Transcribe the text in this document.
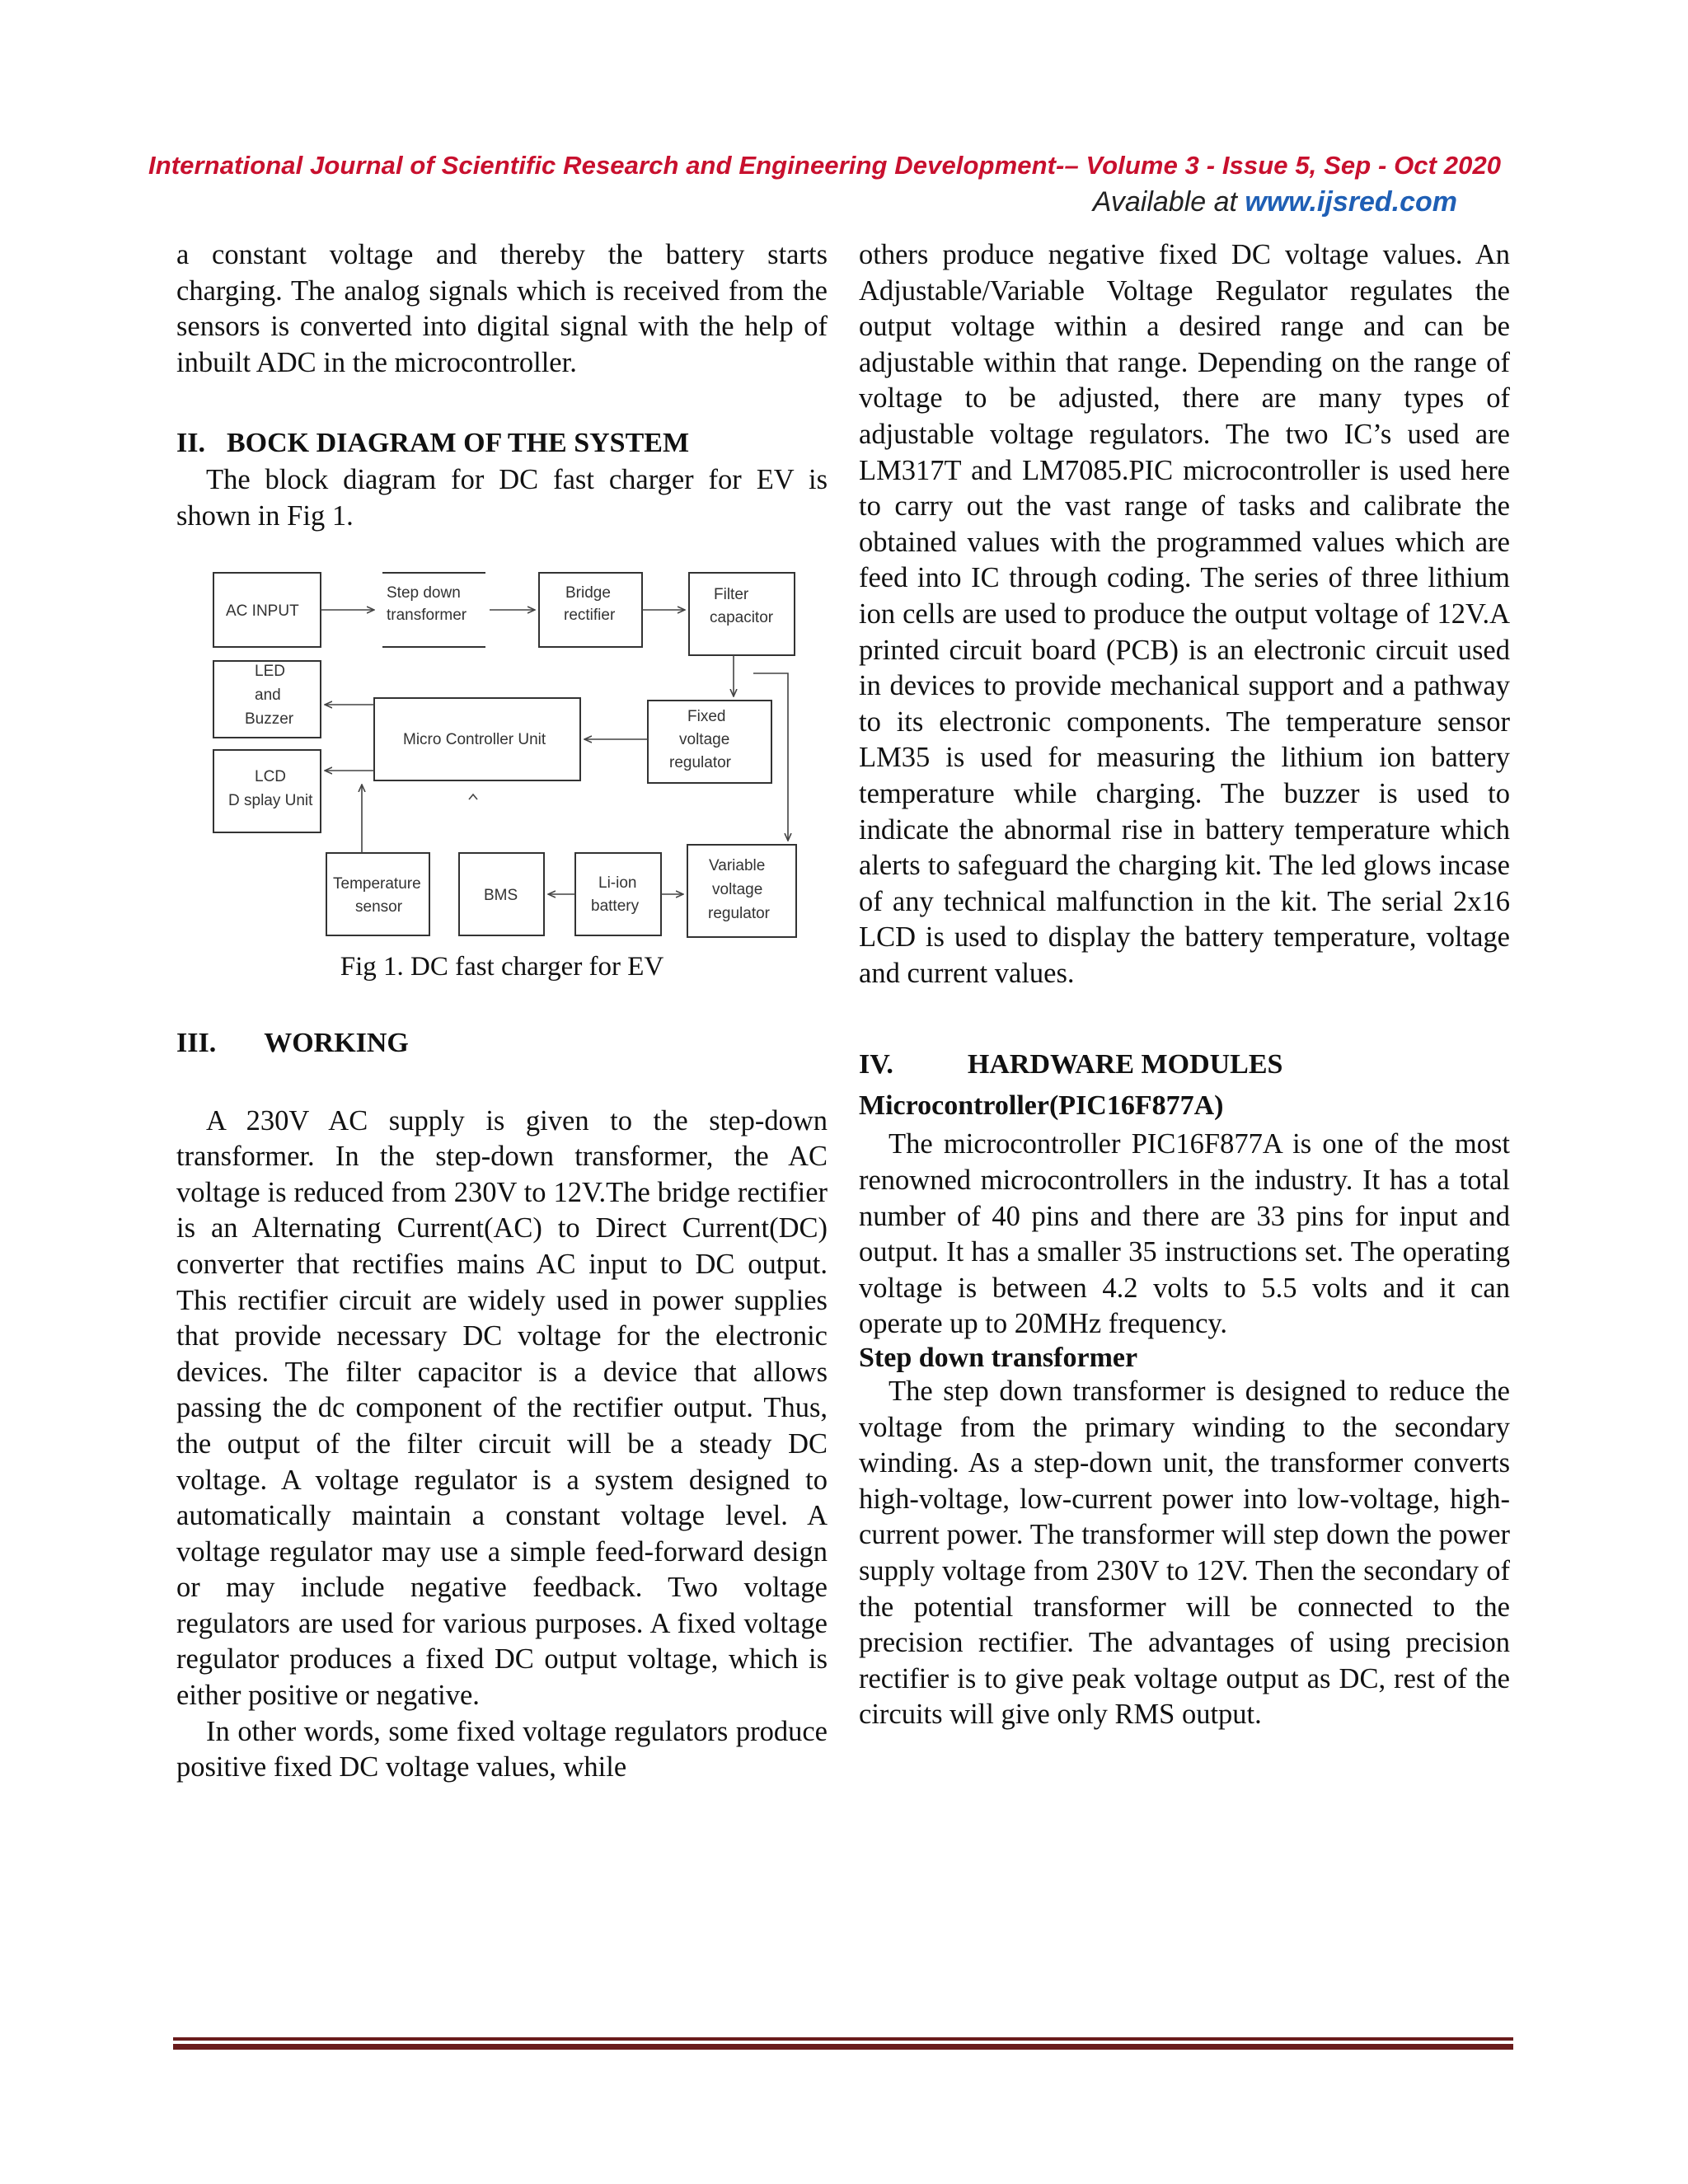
International Journal of Scientific Research and Engineering Development-– Volume 3 - Issue 5, Sep - Oct 2020
Available at www.ijsred.com

a constant voltage and thereby the battery starts charging. The analog signals which is received from the sensors is converted into digital signal with the help of inbuilt ADC in the microcontroller.

II. BOCK DIAGRAM OF THE SYSTEM

The block diagram for DC fast charger for EV is shown in Fig 1.

AC INPUT
Step down
transformer
Bridge
rectifier
Filter
capacitor
LED
and
Buzzer
Micro Controller Unit
Fixed
voltage
regulator
LCD
D splay Unit
Temperature
sensor
BMS
Li-ion
battery
Variable
voltage
regulator

Fig 1. DC fast charger for EV

III. WORKING

A 230V AC supply is given to the step-down transformer. In the step-down transformer, the AC voltage is reduced from 230V to 12V.The bridge rectifier is an Alternating Current(AC) to Direct Current(DC) converter that rectifies mains AC input to DC output. This rectifier circuit are widely used in power supplies that provide necessary DC voltage for the electronic devices. The filter capacitor is a device that allows passing the dc component of the rectifier output. Thus, the output of the filter circuit will be a steady DC voltage. A voltage regulator is a system designed to automatically maintain a constant voltage level. A voltage regulator may use a simple feed-forward design or may include negative feedback. Two voltage regulators are used for various purposes. A fixed voltage regulator produces a fixed DC output voltage, which is either positive or negative.

In other words, some fixed voltage regulators produce positive fixed DC voltage values, while

others produce negative fixed DC voltage values. An Adjustable/Variable Voltage Regulator regulates the output voltage within a desired range and can be adjustable within that range. Depending on the range of voltage to be adjusted, there are many types of adjustable voltage regulators. The two IC’s used are LM317T and LM7085.PIC microcontroller is used here to carry out the vast range of tasks and calibrate the obtained values with the programmed values which are feed into IC through coding. The series of three lithium ion cells are used to produce the output voltage of 12V.A printed circuit board (PCB) is an electronic circuit used in devices to provide mechanical support and a pathway to its electronic components. The temperature sensor LM35 is used for measuring the lithium ion battery temperature while charging. The buzzer is used to indicate the abnormal rise in battery temperature which alerts to safeguard the charging kit. The led glows incase of any technical malfunction in the kit. The serial 2x16 LCD is used to display the battery temperature, voltage and current values.

IV.	HARDWARE MODULES

Microcontroller(PIC16F877A)

The microcontroller PIC16F877A is one of the most renowned microcontrollers in the industry. It has a total number of 40 pins and there are 33 pins for input and output. It has a smaller 35 instructions set. The operating voltage is between 4.2 volts to 5.5 volts and it can operate up to 20MHz frequency.

Step down transformer

The step down transformer is designed to reduce the voltage from the primary winding to the secondary winding. As a step-down unit, the transformer converts high-voltage, low-current power into low-voltage, high-current power. The transformer will step down the power supply voltage from 230V to 12V. Then the secondary of the potential transformer will be connected to the precision rectifier. The advantages of using precision rectifier is to give peak voltage output as DC, rest of the circuits will give only RMS output.
